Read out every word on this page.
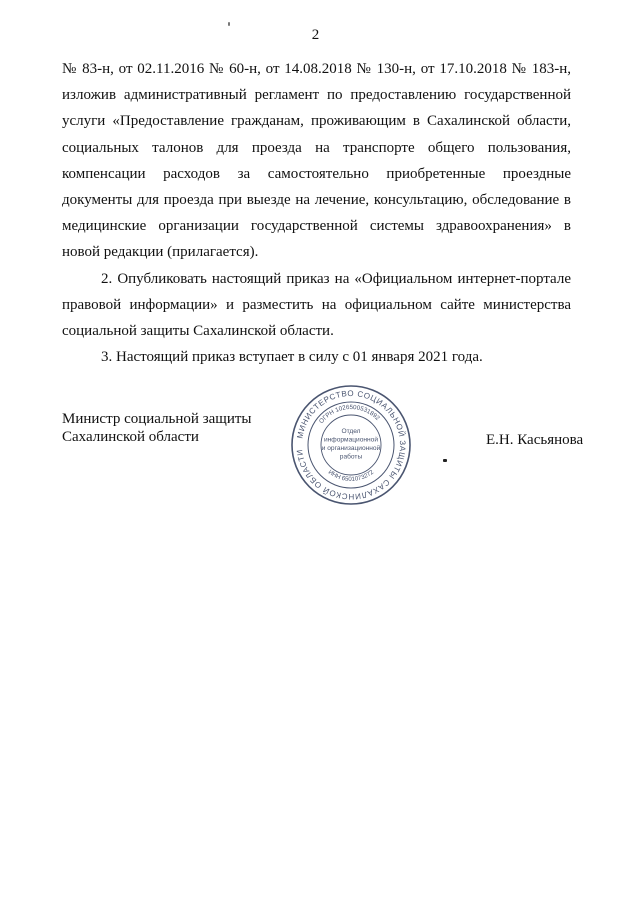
2

№ 83-н, от 02.11.2016 № 60-н, от 14.08.2018 № 130-н, от 17.10.2018 № 183-н, изложив административный регламент по предоставлению государственной услуги «Предоставление гражданам, проживающим в Сахалинской области, социальных талонов для проезда на транспорте общего пользования, компенсации расходов за самостоятельно приобретенные проездные документы для проезда при выезде на лечение, консультацию, обследование в медицинские организации государственной системы здравоохранения» в новой редакции (прилагается).

2. Опубликовать настоящий приказ на «Официальном интернет-портале правовой информации» и разместить на официальном сайте министерства социальной защиты Сахалинской области.

3. Настоящий приказ вступает в силу с 01 января 2021 года.

Министр социальной защиты
Сахалинской области	Е.Н. Касьянова
МИНИСТЕРСТВО СОЦИАЛЬНОЙ ЗАЩИТЫ САХАЛИНСКОЙ ОБЛАСТИ
ОГРН 1026500531892
ИНН 6501073272
Отдел
информационной
и организационной
работы
